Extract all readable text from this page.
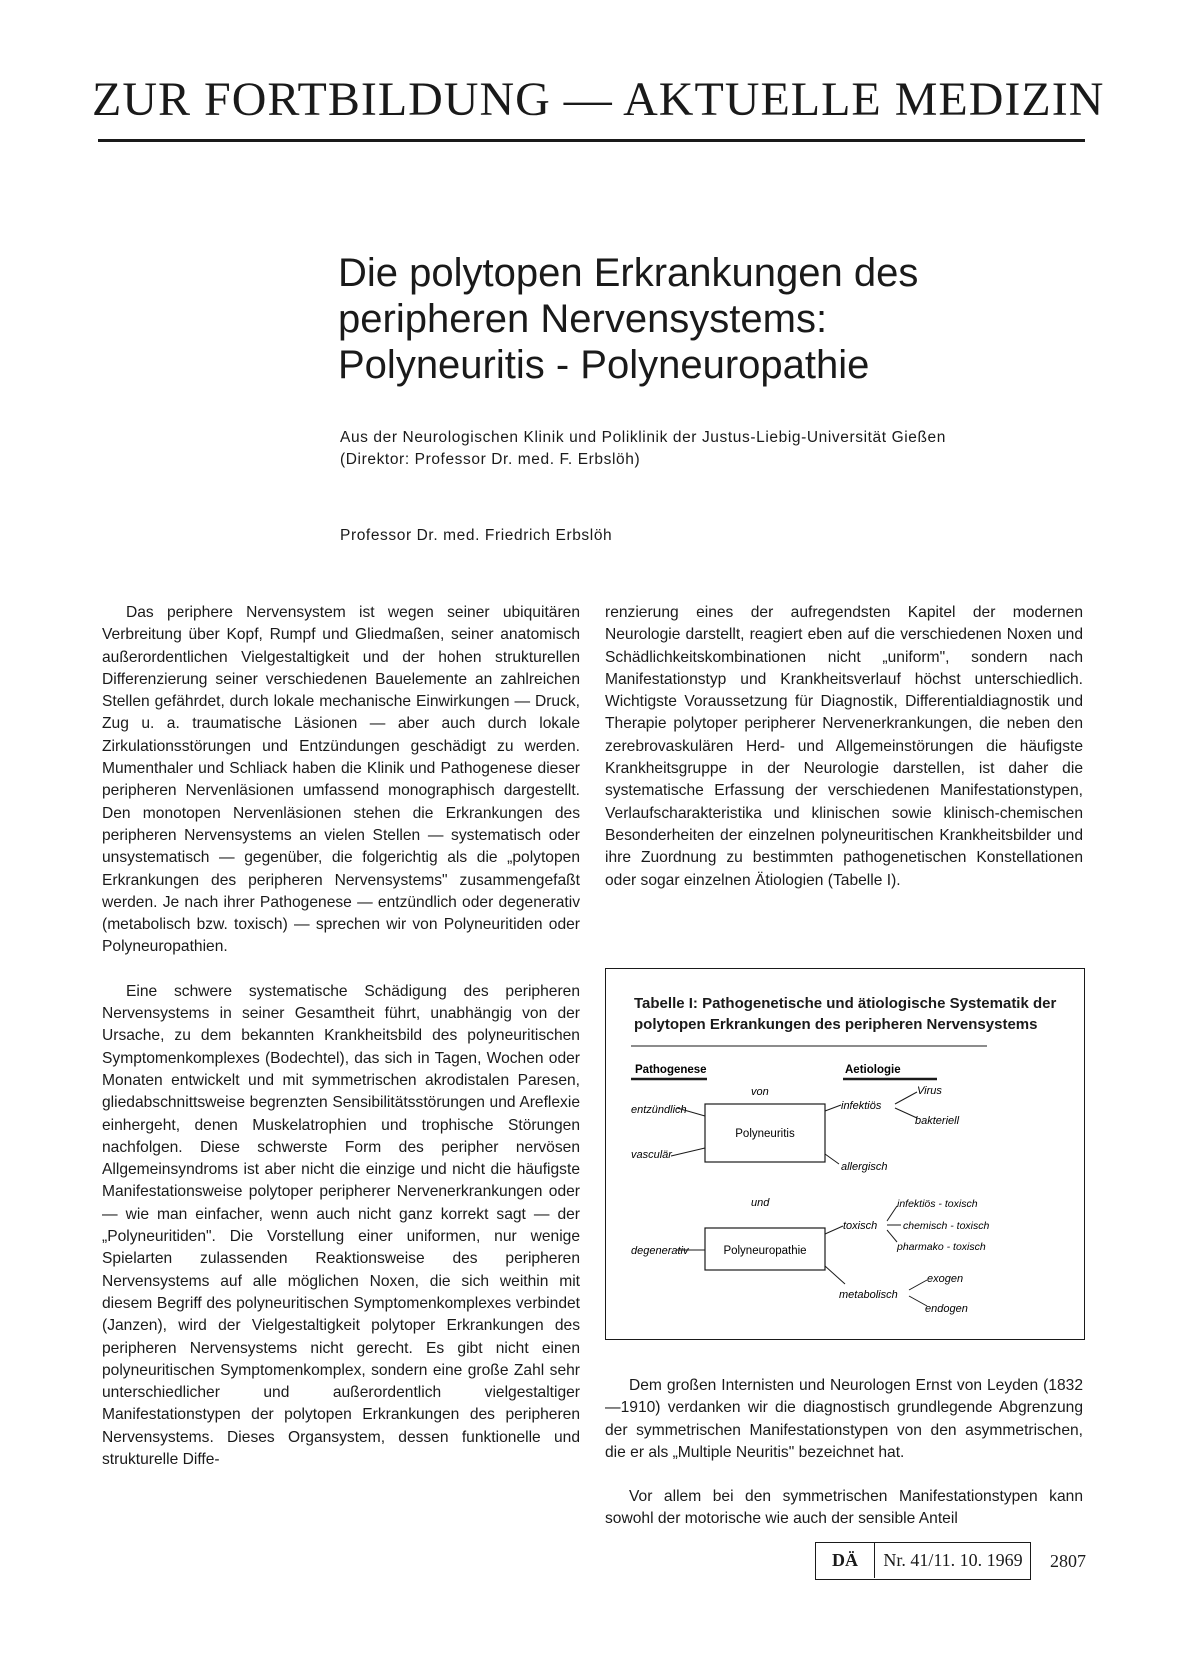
ZUR FORTBILDUNG — AKTUELLE MEDIZIN
Die polytopen Erkrankungen des
peripheren Nervensystems:
Polyneuritis - Polyneuropathie
Aus der Neurologischen Klinik und Poliklinik der Justus-Liebig-Universität Gießen
(Direktor: Professor Dr. med. F. Erbslöh)
Professor Dr. med. Friedrich Erbslöh

Das periphere Nervensystem ist wegen seiner ubiquitären Verbreitung über Kopf, Rumpf und Gliedmaßen, seiner anatomisch außerordentlichen Vielgestaltigkeit und der hohen strukturellen Differenzierung seiner verschiedenen Bauelemente an zahlreichen Stellen gefährdet, durch lokale mechanische Einwirkungen — Druck, Zug u. a. traumatische Läsionen — aber auch durch lokale Zirkulationsstörungen und Entzündungen geschädigt zu werden. Mumenthaler und Schliack haben die Klinik und Pathogenese dieser peripheren Nervenläsionen umfassend monographisch dargestellt. Den monotopen Nervenläsionen stehen die Erkrankungen des peripheren Nervensystems an vielen Stellen — systematisch oder unsystematisch — gegenüber, die folgerichtig als die „polytopen Erkrankungen des peripheren Nervensystems" zusammengefaßt werden. Je nach ihrer Pathogenese — entzündlich oder degenerativ (metabolisch bzw. toxisch) — sprechen wir von Polyneuritiden oder Polyneuropathien.

Eine schwere systematische Schädigung des peripheren Nervensystems in seiner Gesamtheit führt, unabhängig von der Ursache, zu dem bekannten Krankheitsbild des polyneuritischen Symptomenkomplexes (Bodechtel), das sich in Tagen, Wochen oder Monaten entwickelt und mit symmetrischen akrodistalen Paresen, gliedabschnittsweise begrenzten Sensibilitätsstörungen und Areflexie einhergeht, denen Muskelatrophien und trophische Störungen nachfolgen. Diese schwerste Form des peripher nervösen Allgemeinsyndroms ist aber nicht die einzige und nicht die häufigste Manifestationsweise polytoper peripherer Nervenerkrankungen oder — wie man einfacher, wenn auch nicht ganz korrekt sagt — der „Polyneuritiden". Die Vorstellung einer uniformen, nur wenige Spielarten zulassenden Reaktionsweise des peripheren Nervensystems auf alle möglichen Noxen, die sich weithin mit diesem Begriff des polyneuritischen Symptomenkomplexes verbindet (Janzen), wird der Vielgestaltigkeit polytoper Erkrankungen des peripheren Nervensystems nicht gerecht. Es gibt nicht einen polyneuritischen Symptomenkomplex, sondern eine große Zahl sehr unterschiedlicher und außerordentlich vielgestaltiger Manifestationstypen der polytopen Erkrankungen des peripheren Nervensystems. Dieses Organsystem, dessen funktionelle und strukturelle Diffe-

renzierung eines der aufregendsten Kapitel der modernen Neurologie darstellt, reagiert eben auf die verschiedenen Noxen und Schädlichkeitskombinationen nicht „uniform", sondern nach Manifestationstyp und Krankheitsverlauf höchst unterschiedlich. Wichtigste Voraussetzung für Diagnostik, Differentialdiagnostik und Therapie polytoper peripherer Nervenerkrankungen, die neben den zerebrovaskulären Herd- und Allgemeinstörungen die häufigste Krankheitsgruppe in der Neurologie darstellen, ist daher die systematische Erfassung der verschiedenen Manifestationstypen, Verlaufscharakteristika und klinischen sowie klinisch-chemischen Besonderheiten der einzelnen polyneuritischen Krankheitsbilder und ihre Zuordnung zu bestimmten pathogenetischen Konstellationen oder sogar einzelnen Ätiologien (Tabelle I).

Tabelle I: Pathogenetische und ätiologische Systematik der polytopen Erkrankungen des peripheren Nervensystems
Pathogenese	Aetiologie
von
Polyneuritis
entzündlich
vasculär
infektiös
Virus
bakteriell
allergisch
und
Polyneuropathie
degenerativ
toxisch
infektiös - toxisch
chemisch - toxisch
pharmako - toxisch
metabolisch
exogen
endogen

Dem großen Internisten und Neurologen Ernst von Leyden (1832—1910) verdanken wir die diagnostisch grundlegende Abgrenzung der symmetrischen Manifestationstypen von den asymmetrischen, die er als „Multiple Neuritis" bezeichnet hat.

Vor allem bei den symmetrischen Manifestationstypen kann sowohl der motorische wie auch der sensible Anteil

DÄ	Nr. 41/11. 10. 1969	2807
